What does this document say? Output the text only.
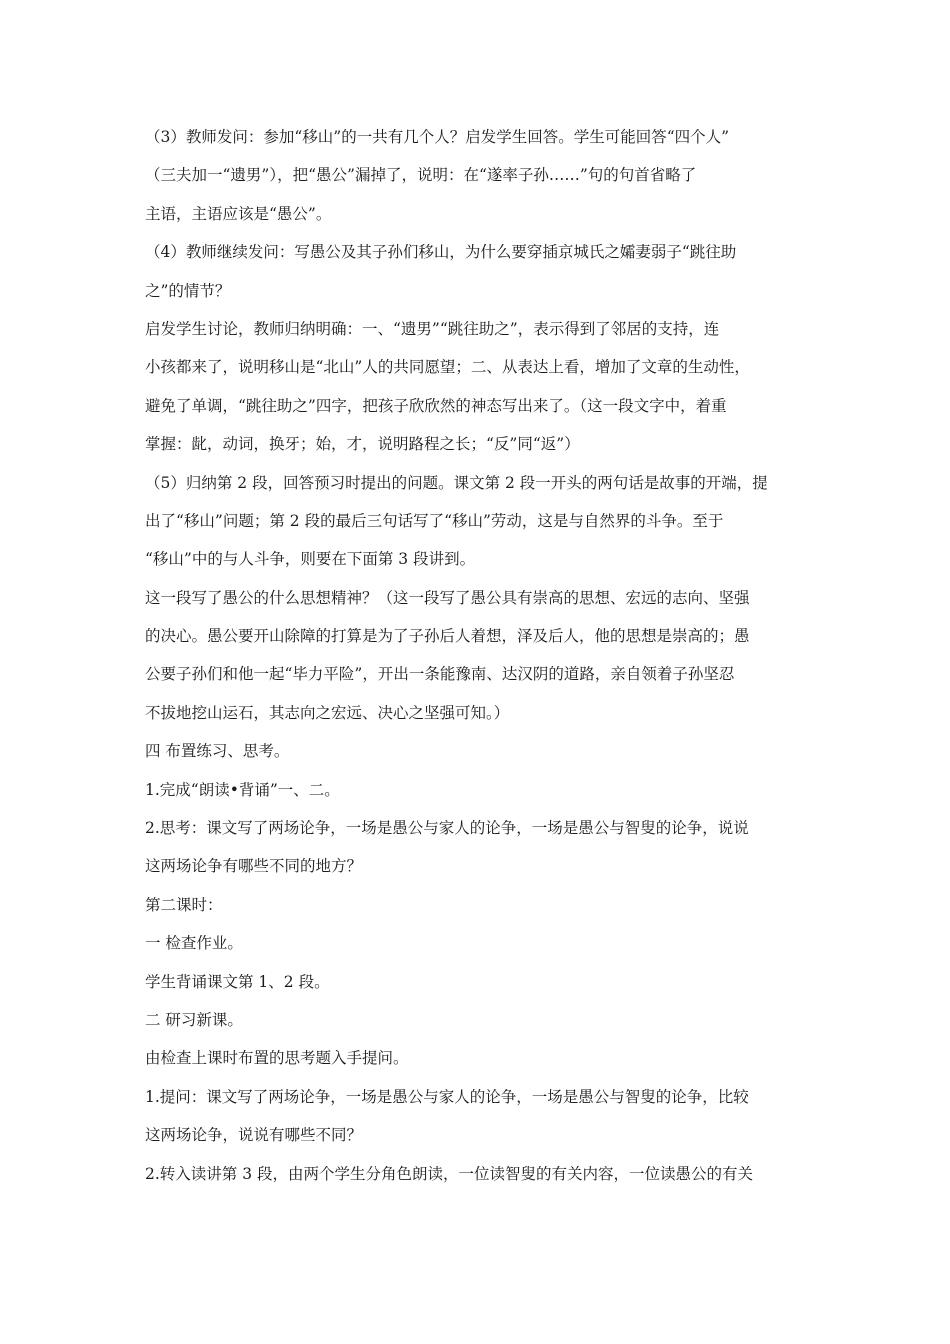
（3）教师发问：参加“移山”的一共有几个人？启发学生回答。学生可能回答“四个人”
（三夫加一“遗男”），把“愚公”漏掉了，说明：在“遂率子孙……”句的句首省略了
主语，主语应该是“愚公”。
（4）教师继续发问：写愚公及其子孙们移山，为什么要穿插京城氏之孀妻弱子“跳往助
之”的情节？
启发学生讨论，教师归纳明确：一、“遗男”“跳往助之”，表示得到了邻居的支持，连
小孩都来了，说明移山是“北山”人的共同愿望；二、从表达上看，增加了文章的生动性，
避免了单调，“跳往助之”四字，把孩子欣欣然的神态写出来了。（这一段文字中，着重
掌握：龀，动词，换牙；始，才，说明路程之长；“反”同“返”）
（5）归纳第 2 段，回答预习时提出的问题。课文第 2 段一开头的两句话是故事的开端，提
出了“移山”问题；第 2 段的最后三句话写了“移山”劳动，这是与自然界的斗争。至于
“移山”中的与人斗争，则要在下面第 3 段讲到。
这一段写了愚公的什么思想精神？（这一段写了愚公具有崇高的思想、宏远的志向、坚强
的决心。愚公要开山除障的打算是为了子孙后人着想，泽及后人，他的思想是崇高的；愚
公要子孙们和他一起“毕力平险”，开出一条能豫南、达汉阴的道路，亲自领着子孙坚忍
不拔地挖山运石，其志向之宏远、决心之坚强可知。）
四 布置练习、思考。
1.完成“朗读•背诵”一、二。
2.思考：课文写了两场论争，一场是愚公与家人的论争，一场是愚公与智叟的论争，说说
这两场论争有哪些不同的地方？
第二课时：
一 检查作业。
学生背诵课文第 1、2 段。
二 研习新课。
由检查上课时布置的思考题入手提问。
1.提问：课文写了两场论争，一场是愚公与家人的论争，一场是愚公与智叟的论争，比较
这两场论争，说说有哪些不同？
2.转入读讲第 3 段，由两个学生分角色朗读，一位读智叟的有关内容，一位读愚公的有关
